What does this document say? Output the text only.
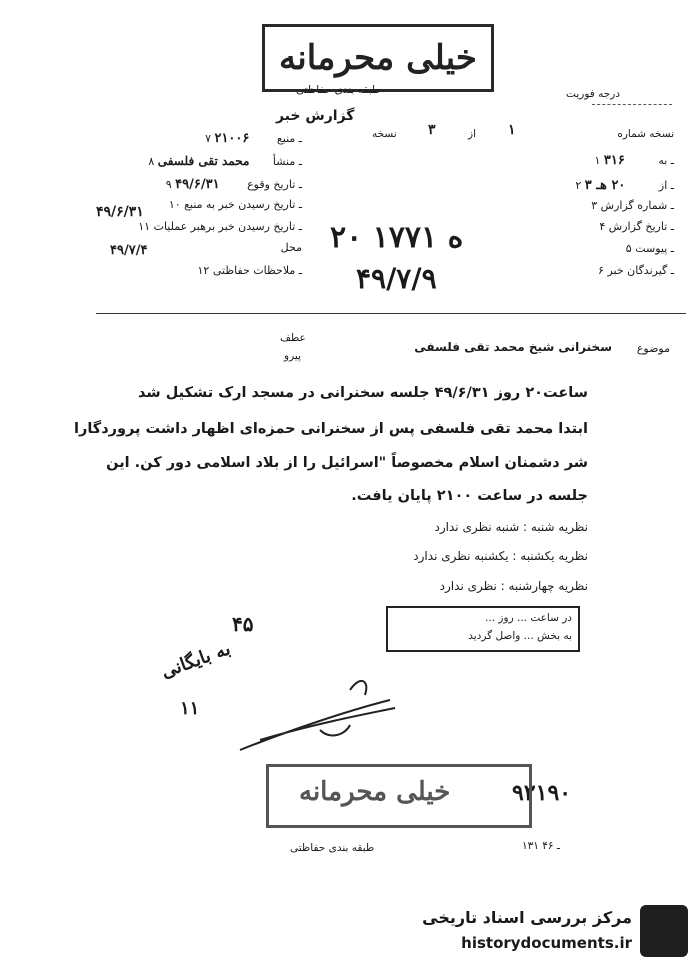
خیلی محرمانه
طبقه بندی حفاظتی	درجه فوریت
گزارش خبر
نسخه شماره
۱
از
۳
نسخه
۱ ـ به ۳۱۶
۲ ـ از ۲۰ هـ ۳
۳ ـ شماره گزارش
۴ ـ تاریخ گزارش
۵ ـ پیوست
۶ ـ گیرندگان خبر
۷ ـ منبع ۲۱۰۰۶
۸ ـ منشأ محمد تقی فلسفی
۹ ـ تاریخ وقوع ۴۹/۶/۳۱
۱۰ ـ تاریخ رسیدن خبر به منبع
۴۹/۶/۳۱
۱۱ ـ تاریخ رسیدن خبر برهبر عملیات
محل
۴۹/۷/۴
۱۲ ـ ملاحظات حفاظتی
۲۰ ه ۱۷۷۱
۴۹/۷/۹
موضوع
سخنرانی شیخ محمد تقی فلسفی
عطف
پیرو
ساعت۲۰ روز ۴۹/۶/۳۱ جلسه سخنرانی در مسجد ارک تشکیل شد
ابتدا محمد تقی فلسفی پس از سخنرانی حمزه‌ای اظهار داشت پروردگارا
شر دشمنان اسلام مخصوصاً "اسرائیل را از بلاد اسلامی دور کن. این
جلسه در ساعت ۲۱۰۰ پایان یافت.
نظریه شنبه : شنبه نظری ندارد
نظریه یکشنبه : یکشنبه نظری ندارد
نظریه چهارشنبه : نظری ندارد
در ساعت ... روز ...
به بخش ... واصل گردید
۴۵
به بایگانی
۱۱
۹۲۱۹۰
خیلی محرمانه
طبقه بندی حفاظتی	۱۳۱ ـ ۴۶
مرکز بررسی اسناد تاریخی
historydocuments.ir
